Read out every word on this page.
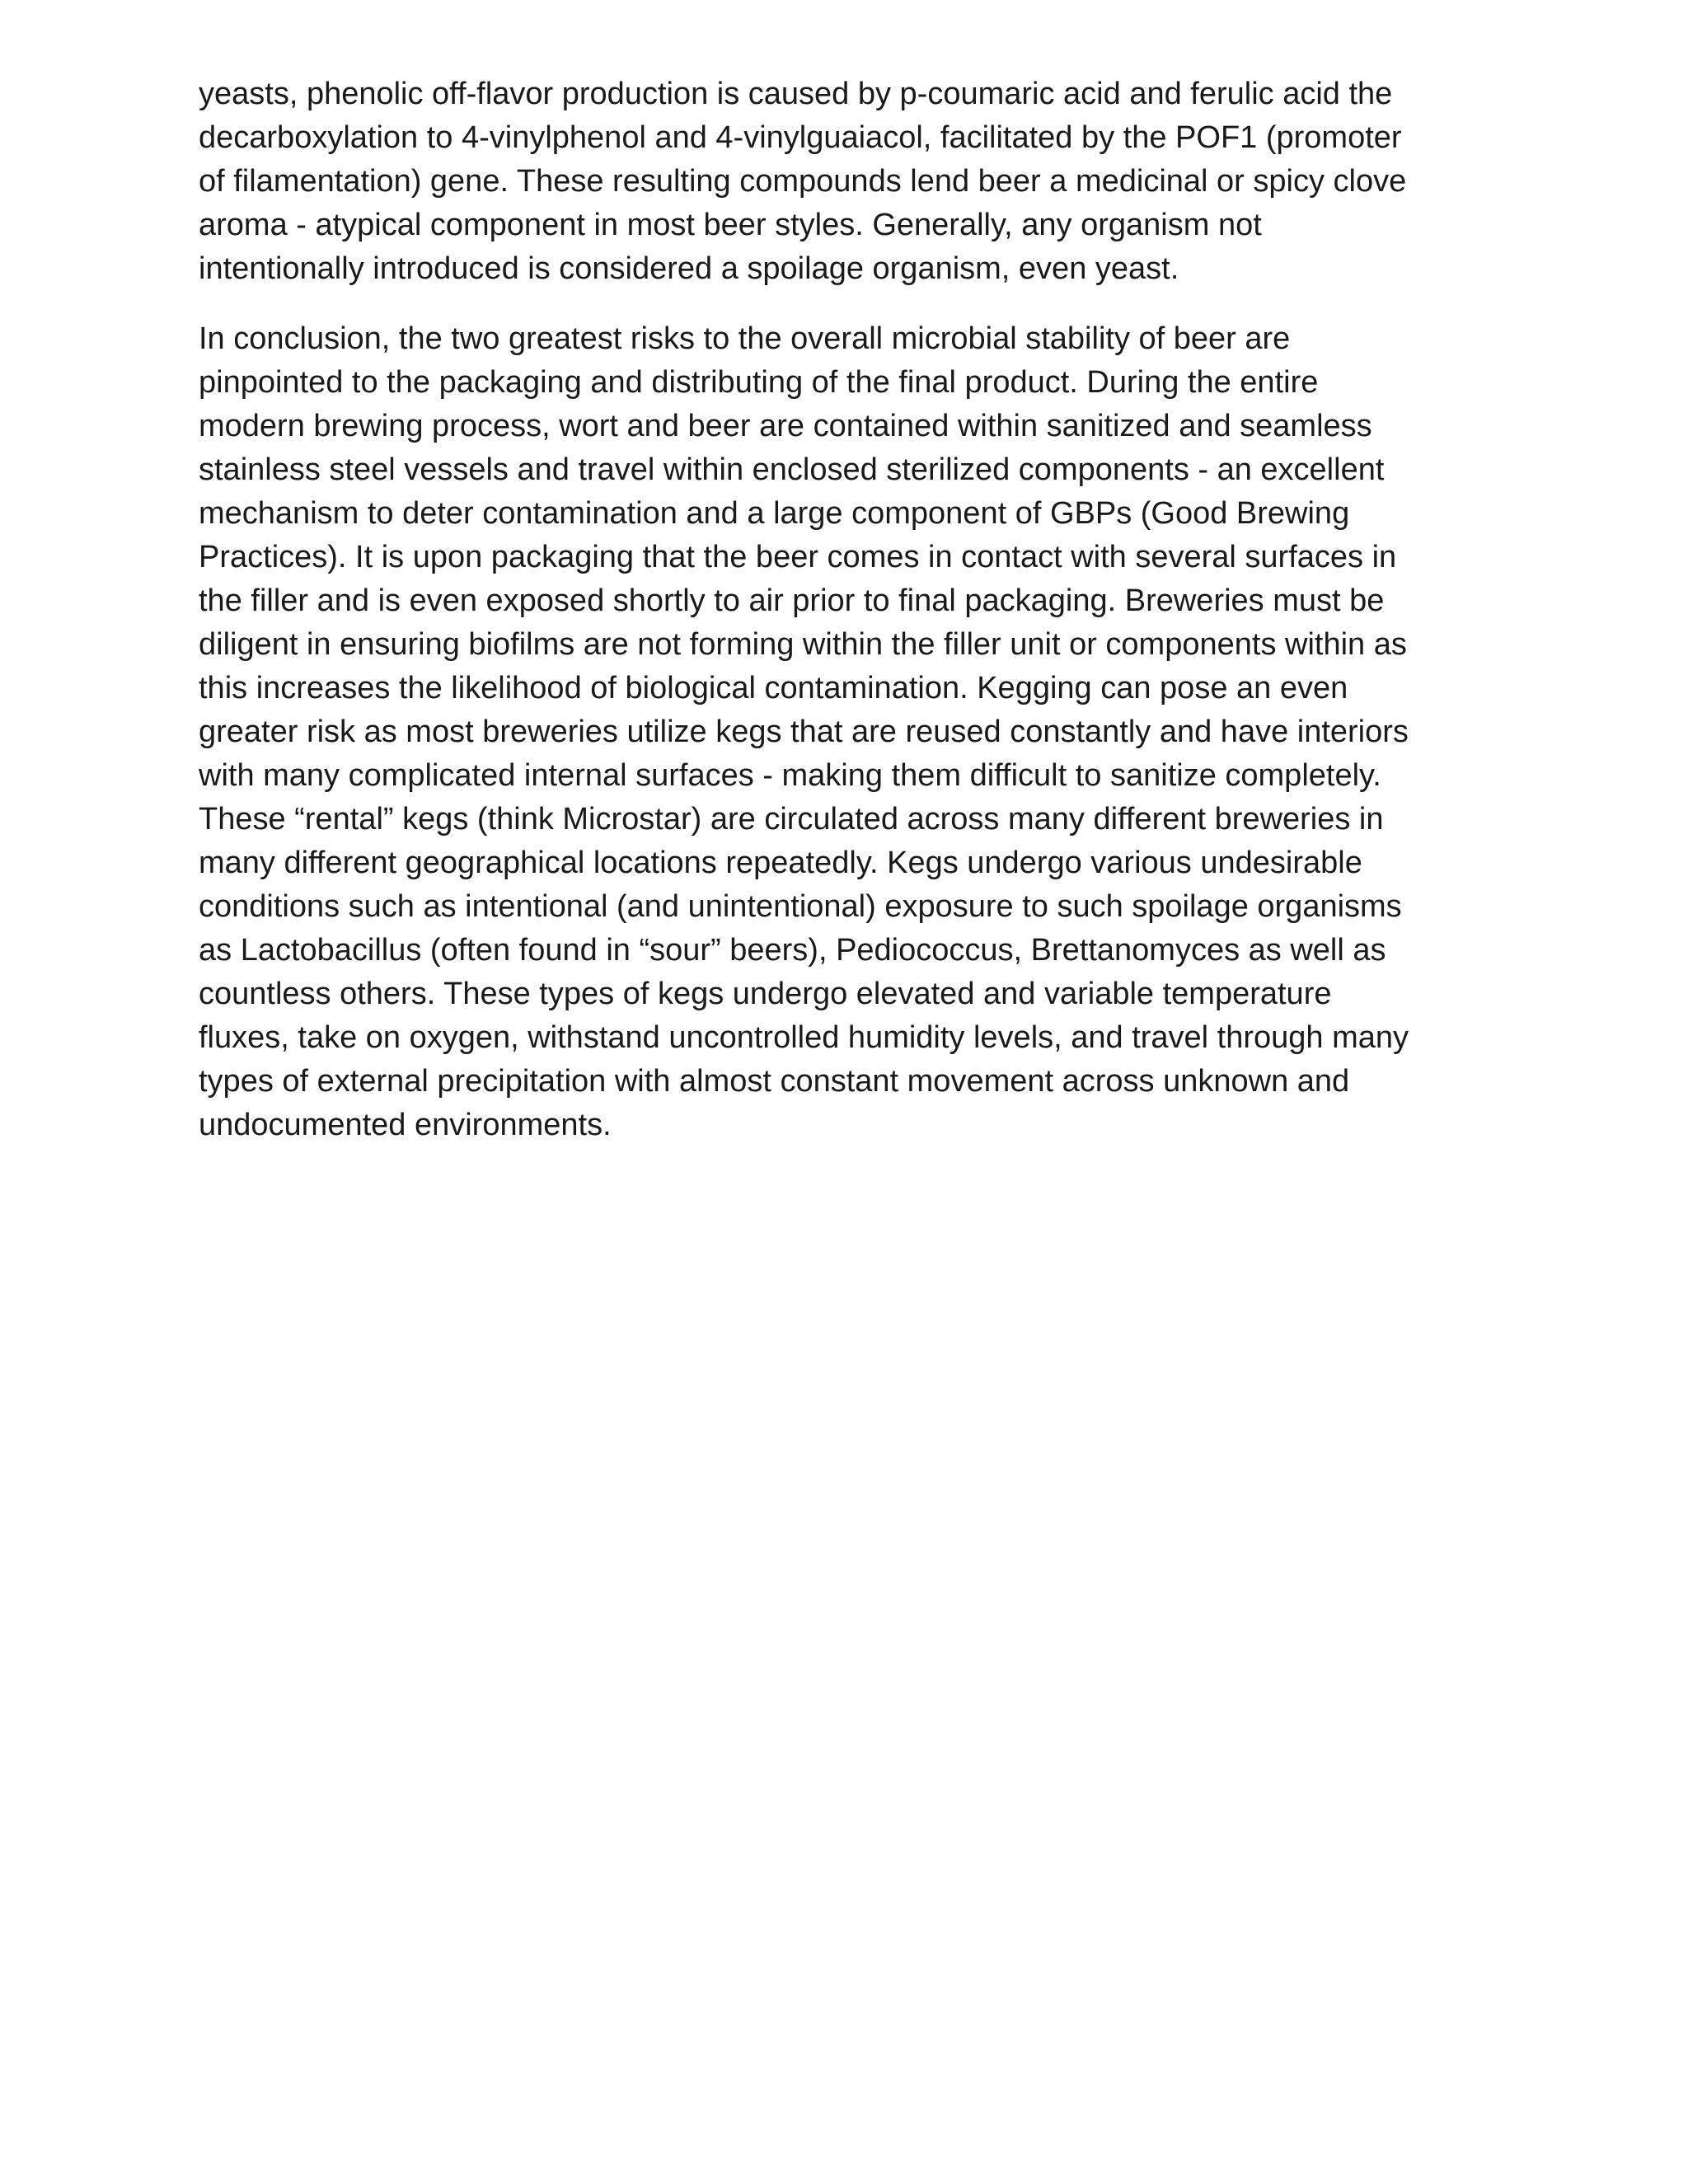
yeasts, phenolic off-flavor production is caused by p-coumaric acid and ferulic acid the
decarboxylation to 4-vinylphenol and 4-vinylguaiacol, facilitated by the POF1 (promoter
of filamentation) gene. These resulting compounds lend beer a medicinal or spicy clove
aroma - atypical component in most beer styles. Generally, any organism not
intentionally introduced is considered a spoilage organism, even yeast.
In conclusion, the two greatest risks to the overall microbial stability of beer are
pinpointed to the packaging and distributing of the final product. During the entire
modern brewing process, wort and beer are contained within sanitized and seamless
stainless steel vessels and travel within enclosed sterilized components - an excellent
mechanism to deter contamination and a large component of GBPs (Good Brewing
Practices). It is upon packaging that the beer comes in contact with several surfaces in
the filler and is even exposed shortly to air prior to final packaging. Breweries must be
diligent in ensuring biofilms are not forming within the filler unit or components within as
this increases the likelihood of biological contamination. Kegging can pose an even
greater risk as most breweries utilize kegs that are reused constantly and have interiors
with many complicated internal surfaces - making them difficult to sanitize completely.
These “rental” kegs (think Microstar) are circulated across many different breweries in
many different geographical locations repeatedly. Kegs undergo various undesirable
conditions such as intentional (and unintentional) exposure to such spoilage organisms
as Lactobacillus (often found in “sour” beers), Pediococcus, Brettanomyces as well as
countless others. These types of kegs undergo elevated and variable temperature
fluxes, take on oxygen, withstand uncontrolled humidity levels, and travel through many
types of external precipitation with almost constant movement across unknown and
undocumented environments.
